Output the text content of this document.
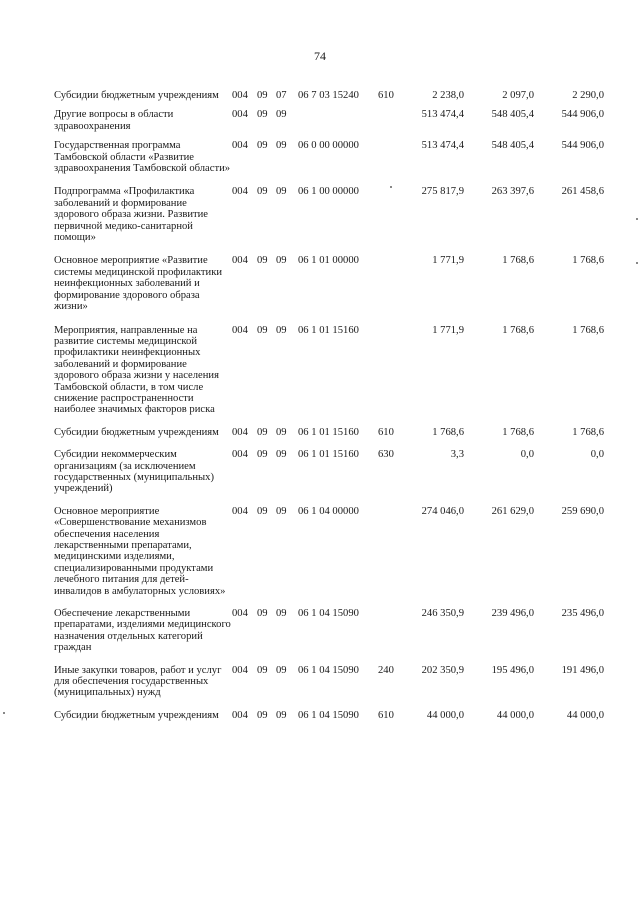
74
Субсидии бюджетным учреждениям	004 09 07 06 7 03 15240 610	2 238,0	2 097,0	2 290,0
Другие вопросы в области здравоохранения
004 09 09	513 474,4	548 405,4	544 906,0
Государственная программа Тамбовской области «Развитие здравоохранения Тамбовской области»
004 09 09 06 0 00 00000	513 474,4	548 405,4	544 906,0
Подпрограмма «Профилактика заболеваний и формирование здорового образа жизни. Развитие первичной медико-санитарной помощи»
004 09 09 06 1 00 00000	275 817,9	263 397,6	261 458,6
Основное мероприятие «Развитие системы медицинской профилактики неинфекционных заболеваний и формирование здорового образа жизни»
004 09 09 06 1 01 00000	1 771,9	1 768,6	1 768,6
Мероприятия, направленные на развитие системы медицинской профилактики неинфекционных заболеваний и формирование здорового образа жизни у населения Тамбовской области, в том числе снижение распространенности наиболее значимых факторов риска
004 09 09 06 1 01 15160	1 771,9	1 768,6	1 768,6
Субсидии бюджетным учреждениям	004 09 09 06 1 01 15160 610	1 768,6	1 768,6	1 768,6
Субсидии некоммерческим организациям (за исключением государственных (муниципальных) учреждений)
004 09 09 06 1 01 15160 630	3,3	0,0	0,0
Основное мероприятие «Совершенствование механизмов обеспечения населения лекарственными препаратами, медицинскими изделиями, специализированными продуктами лечебного питания для детей-инвалидов в амбулаторных условиях»
004 09 09 06 1 04 00000	274 046,0	261 629,0	259 690,0
Обеспечение лекарственными препаратами, изделиями медицинского назначения отдельных категорий граждан
004 09 09 06 1 04 15090	246 350,9	239 496,0	235 496,0
Иные закупки товаров, работ и услуг для обеспечения государственных (муниципальных) нужд
004 09 09 06 1 04 15090 240	202 350,9	195 496,0	191 496,0
Субсидии бюджетным учреждениям	004 09 09 06 1 04 15090 610	44 000,0	44 000,0	44 000,0
